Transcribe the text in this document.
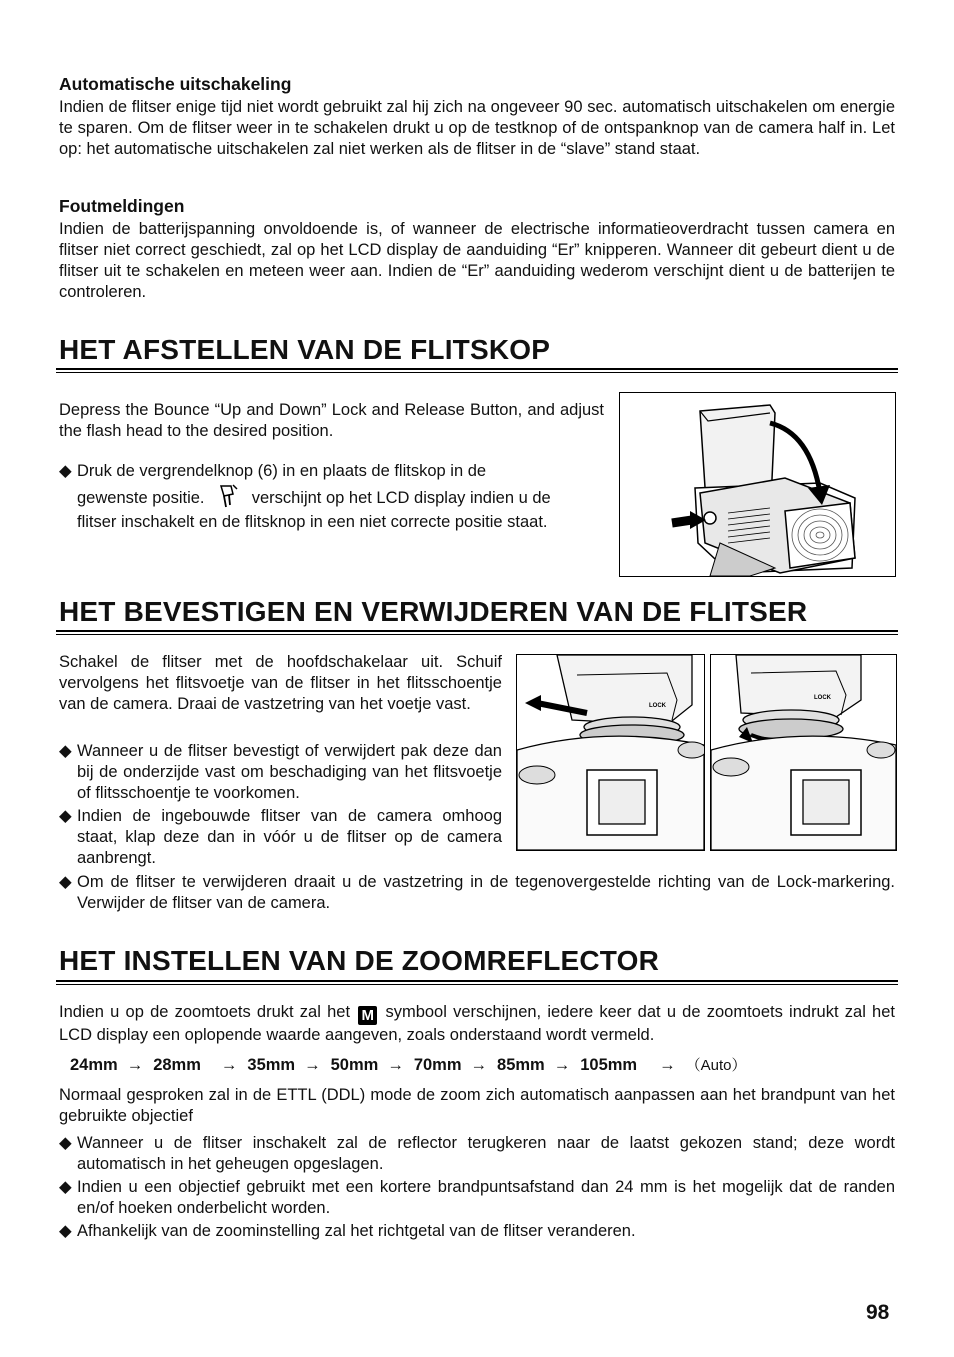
Automatische uitschakeling

Indien de flitser enige tijd niet wordt gebruikt zal hij zich na ongeveer 90 sec. automatisch uitschakelen om energie te sparen. Om de flitser weer in te schakelen drukt u op de testknop of de ontspanknop van de camera half in. Let op: het automatische uitschakelen zal niet werken als de flitser in de “slave” stand staat.

Foutmeldingen

Indien de batterijspanning onvoldoende is, of wanneer de electrische informatieoverdracht tussen camera en flitser niet correct geschiedt, zal op het LCD display de aanduiding “Er” knipperen. Wanneer dit gebeurt dient u de flitser uit te schakelen en meteen weer aan. Indien de “Er” aanduiding wederom verschijnt dient u de batterijen te controleren.

HET AFSTELLEN VAN DE FLITSKOP

Depress the Bounce “Up and Down” Lock and Release Button, and adjust the flash head to the desired position.

◆ Druk de vergrendelknop (6) in en plaats de flitskop in de
gewenste positie.	verschijnt op het LCD display indien u de
flitser inschakelt en de flitsknop in een niet correcte positie staat.
HET BEVESTIGEN EN VERWIJDEREN VAN DE FLITSER

Schakel de flitser met de hoofdschakelaar uit. Schuif vervolgens het flitsvoetje van de flitser in het flitsschoentje van de camera. Draai de vastzetring van het voetje vast.

◆ Wanneer u de flitser bevestigt of verwijdert pak deze dan bij de onderzijde vast om beschadiging van het flitsvoetje of flitsschoentje te voorkomen.
◆ Indien de ingebouwde flitser van de camera omhoog staat, klap deze dan in vóór u de flitser op de camera aanbrengt.
◆ Om de flitser te verwijderen draait u de vastzetring in de tegenovergestelde richting van de Lock-markering. Verwijder de flitser van de camera.
LOCK
LOCK
HET INSTELLEN VAN DE ZOOMREFLECTOR

Indien u op de zoomtoets drukt zal het M symbool verschijnen, iedere keer dat u de zoomtoets indrukt zal het LCD display een oplopende waarde aangeven, zoals onderstaand wordt vermeld.

24mm → 28mm → 35mm → 50mm → 70mm → 85mm → 105mm → （Auto）

Normaal gesproken zal in de ETTL (DDL) mode de zoom zich automatisch aanpassen aan het brandpunt van het gebruikte objectief

◆ Wanneer u de flitser inschakelt zal de reflector terugkeren naar de laatst gekozen stand; deze wordt automatisch in het geheugen opgeslagen.
◆ Indien u een objectief gebruikt met een kortere brandpuntsafstand dan 24 mm is het mogelijk dat de randen en/of hoeken onderbelicht worden.
◆ Afhankelijk van de zoominstelling zal het richtgetal van de flitser veranderen.
98
